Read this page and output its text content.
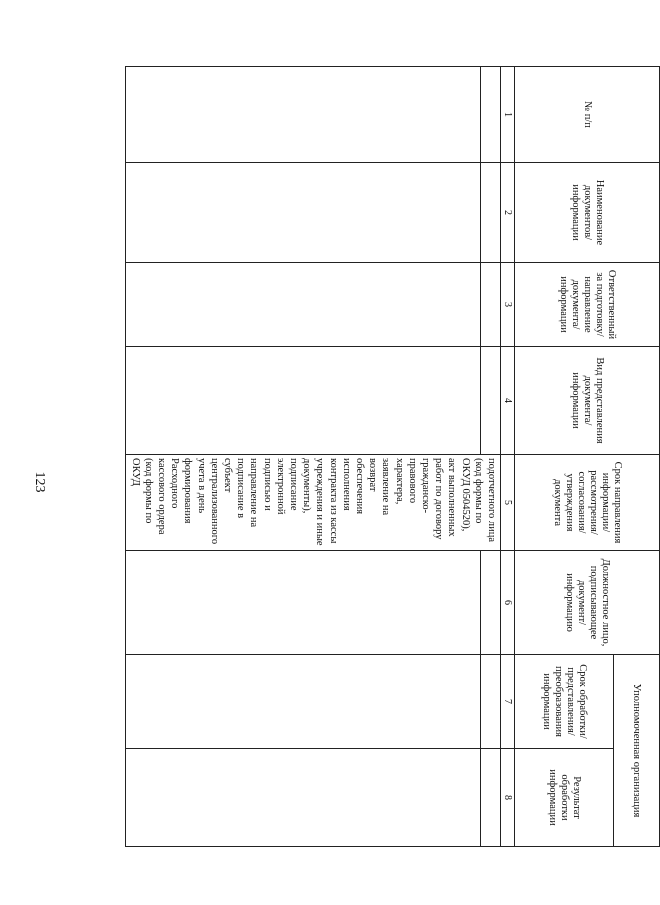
123
№ п/п	Наименование документов/ информации	Ответственный за подготовку/ направление документа/ информации	Вид представления документа/ информации	Срок направления информации/ рассмотрения/ согласования/ утверждения документа	Должностное лицо, подписывающее документ/ информацию	Уполномоченная организация	
						Срок обработки/ представления/ преобразования информации	Результат обработки информации	
1	2	3	4	5	6	7	8	
				подотчетного лица (код формы по ОКУД 0504520), акт выполненных работ по договору гражданско-правового характера, заявление на возврат обеспечения исполнения контракта из кассы учреждения и иные документы), подписание электронной подписью и направление на подписание в субъект централизованного учета в день формирования Расходного кассового ордера (код формы по ОКУД				
